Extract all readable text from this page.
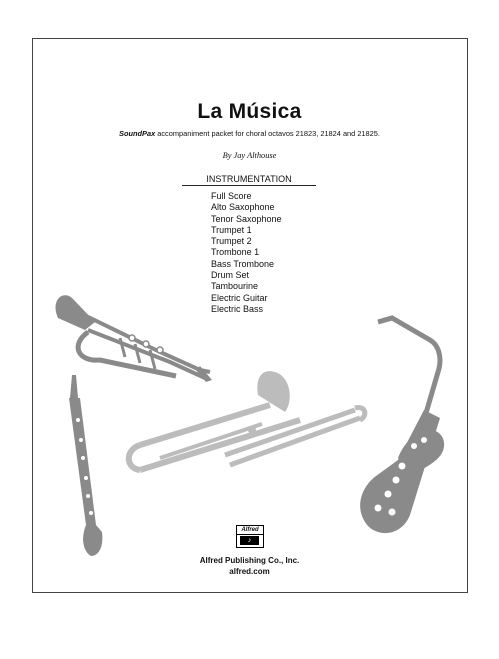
La Música
SoundPax accompaniment packet for choral octavos 21823, 21824 and 21825.
By Jay Althouse
INSTRUMENTATION
Full Score
Alto Saxophone
Tenor Saxophone
Trumpet 1
Trumpet 2
Trombone 1
Bass Trombone
Drum Set
Tambourine
Electric Guitar
Electric Bass
Alfred
♪
Alfred Publishing Co., Inc.
alfred.com
